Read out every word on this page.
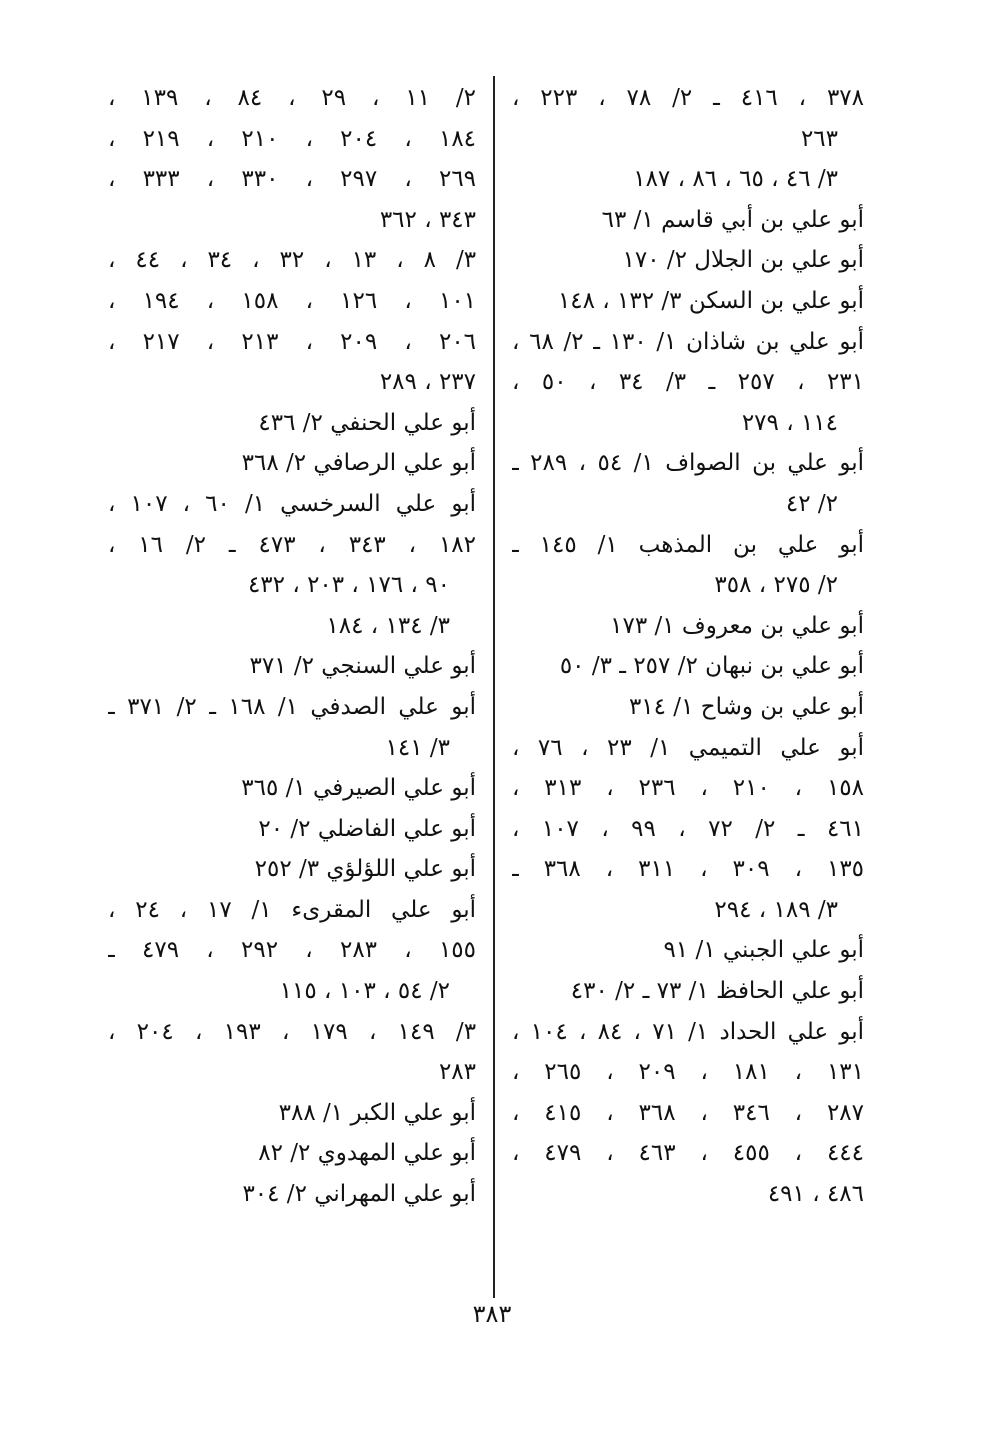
٣٧٨ ، ٤١٦ ـ ٢/ ٧٨ ، ٢٢٣ ،
٢٦٣
٣/ ٤٦ ، ٦٥ ، ٨٦ ، ١٨٧
أبو علي بن أبي قاسم ١/ ٦٣
أبو علي بن الجلال ٢/ ١٧٠
أبو علي بن السكن ٣/ ١٣٢ ، ١٤٨
أبو علي بن شاذان ١/ ١٣٠ ـ ٢/ ٦٨ ،
٢٣١ ، ٢٥٧ ـ ٣/ ٣٤ ، ٥٠ ،
١١٤ ، ٢٧٩
أبو علي بن الصواف ١/ ٥٤ ، ٢٨٩ ـ
٢/ ٤٢
أبو علي بن المذهب ١/ ١٤٥ ـ
٢/ ٢٧٥ ، ٣٥٨
أبو علي بن معروف ١/ ١٧٣
أبو علي بن نبهان ٢/ ٢٥٧ ـ ٣/ ٥٠
أبو علي بن وشاح ١/ ٣١٤
أبو علي التميمي ١/ ٢٣ ، ٧٦ ،
١٥٨ ، ٢١٠ ، ٢٣٦ ، ٣١٣ ،
٤٦١ ـ ٢/ ٧٢ ، ٩٩ ، ١٠٧ ،
١٣٥ ، ٣٠٩ ، ٣١١ ، ٣٦٨ ـ
٣/ ١٨٩ ، ٢٩٤
أبو علي الجبني ١/ ٩١
أبو علي الحافظ ١/ ٧٣ ـ ٢/ ٤٣٠
أبو علي الحداد ١/ ٧١ ، ٨٤ ، ١٠٤ ،
١٣١ ، ١٨١ ، ٢٠٩ ، ٢٦٥ ،
٢٨٧ ، ٣٤٦ ، ٣٦٨ ، ٤١٥ ،
٤٤٤ ، ٤٥٥ ، ٤٦٣ ، ٤٧٩ ،
٤٨٦ ، ٤٩١
٢/ ١١ ، ٢٩ ، ٨٤ ، ١٣٩ ،
١٨٤ ، ٢٠٤ ، ٢١٠ ، ٢١٩ ،
٢٦٩ ، ٢٩٧ ، ٣٣٠ ، ٣٣٣ ،
٣٤٣ ، ٣٦٢
٣/ ٨ ، ١٣ ، ٣٢ ، ٣٤ ، ٤٤ ،
١٠١ ، ١٢٦ ، ١٥٨ ، ١٩٤ ،
٢٠٦ ، ٢٠٩ ، ٢١٣ ، ٢١٧ ،
٢٣٧ ، ٢٨٩
أبو علي الحنفي ٢/ ٤٣٦
أبو علي الرصافي ٢/ ٣٦٨
أبو علي السرخسي ١/ ٦٠ ، ١٠٧ ،
١٨٢ ، ٣٤٣ ، ٤٧٣ ـ ٢/ ١٦ ،
٩٠ ، ١٧٦ ، ٢٠٣ ، ٤٣٢
٣/ ١٣٤ ، ١٨٤
أبو علي السنجي ٢/ ٣٧١
أبو علي الصدفي ١/ ١٦٨ ـ ٢/ ٣٧١ ـ
٣/ ١٤١
أبو علي الصيرفي ١/ ٣٦٥
أبو علي الفاضلي ٢/ ٢٠
أبو علي اللؤلؤي ٣/ ٢٥٢
أبو علي المقرىء ١/ ١٧ ، ٢٤ ،
١٥٥ ، ٢٨٣ ، ٢٩٢ ، ٤٧٩ ـ
٢/ ٥٤ ، ١٠٣ ، ١١٥
٣/ ١٤٩ ، ١٧٩ ، ١٩٣ ، ٢٠٤ ،
٢٨٣
أبو علي الكبر ١/ ٣٨٨
أبو علي المهدوي ٢/ ٨٢
أبو علي المهراني ٢/ ٣٠٤
٣٨٣
